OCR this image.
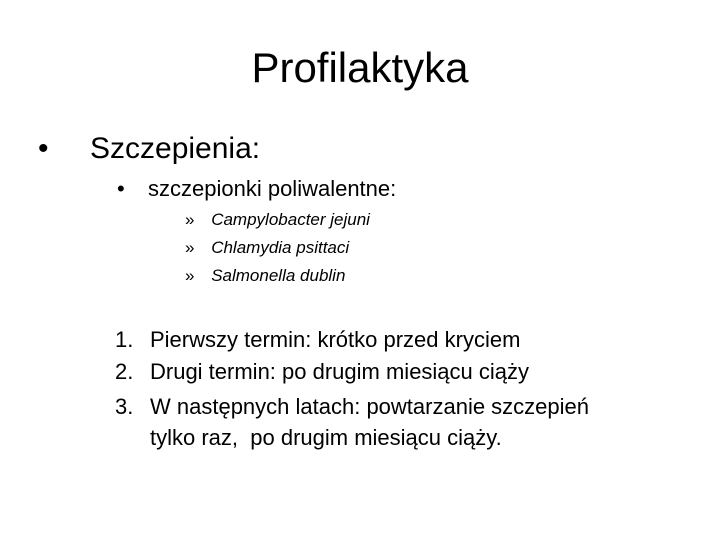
Profilaktyka
• Szczepienia:
• szczepionki poliwalentne:
» Campylobacter jejuni
» Chlamydia psittaci
» Salmonella dublin
1. Pierwszy termin: krótko przed kryciem
2. Drugi termin: po drugim miesiącu ciąży
3. W następnych latach: powtarzanie szczepień
tylko raz,  po drugim miesiącu ciąży.
